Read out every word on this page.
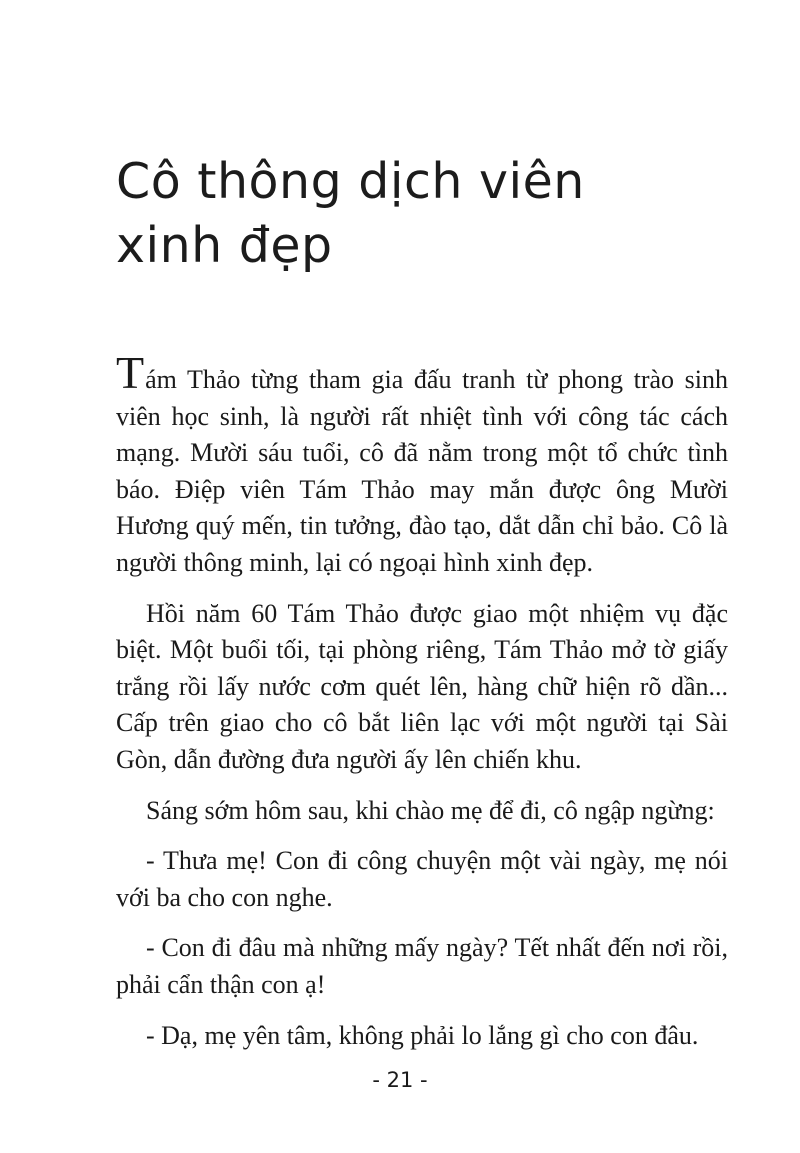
Cô thông dịch viên
xinh đẹp

Tám Thảo từng tham gia đấu tranh từ phong trào sinh viên học sinh, là người rất nhiệt tình với công tác cách mạng. Mười sáu tuổi, cô đã nằm trong một tổ chức tình báo. Điệp viên Tám Thảo may mắn được ông Mười Hương quý mến, tin tưởng, đào tạo, dắt dẫn chỉ bảo. Cô là người thông minh, lại có ngoại hình xinh đẹp.

Hồi năm 60 Tám Thảo được giao một nhiệm vụ đặc biệt. Một buổi tối, tại phòng riêng, Tám Thảo mở tờ giấy trắng rồi lấy nước cơm quét lên, hàng chữ hiện rõ dần... Cấp trên giao cho cô bắt liên lạc với một người tại Sài Gòn, dẫn đường đưa người ấy lên chiến khu.

Sáng sớm hôm sau, khi chào mẹ để đi, cô ngập ngừng:

- Thưa mẹ! Con đi công chuyện một vài ngày, mẹ nói với ba cho con nghe.

- Con đi đâu mà những mấy ngày? Tết nhất đến nơi rồi, phải cẩn thận con ạ!

- Dạ, mẹ yên tâm, không phải lo lắng gì cho con đâu.

- 21 -
